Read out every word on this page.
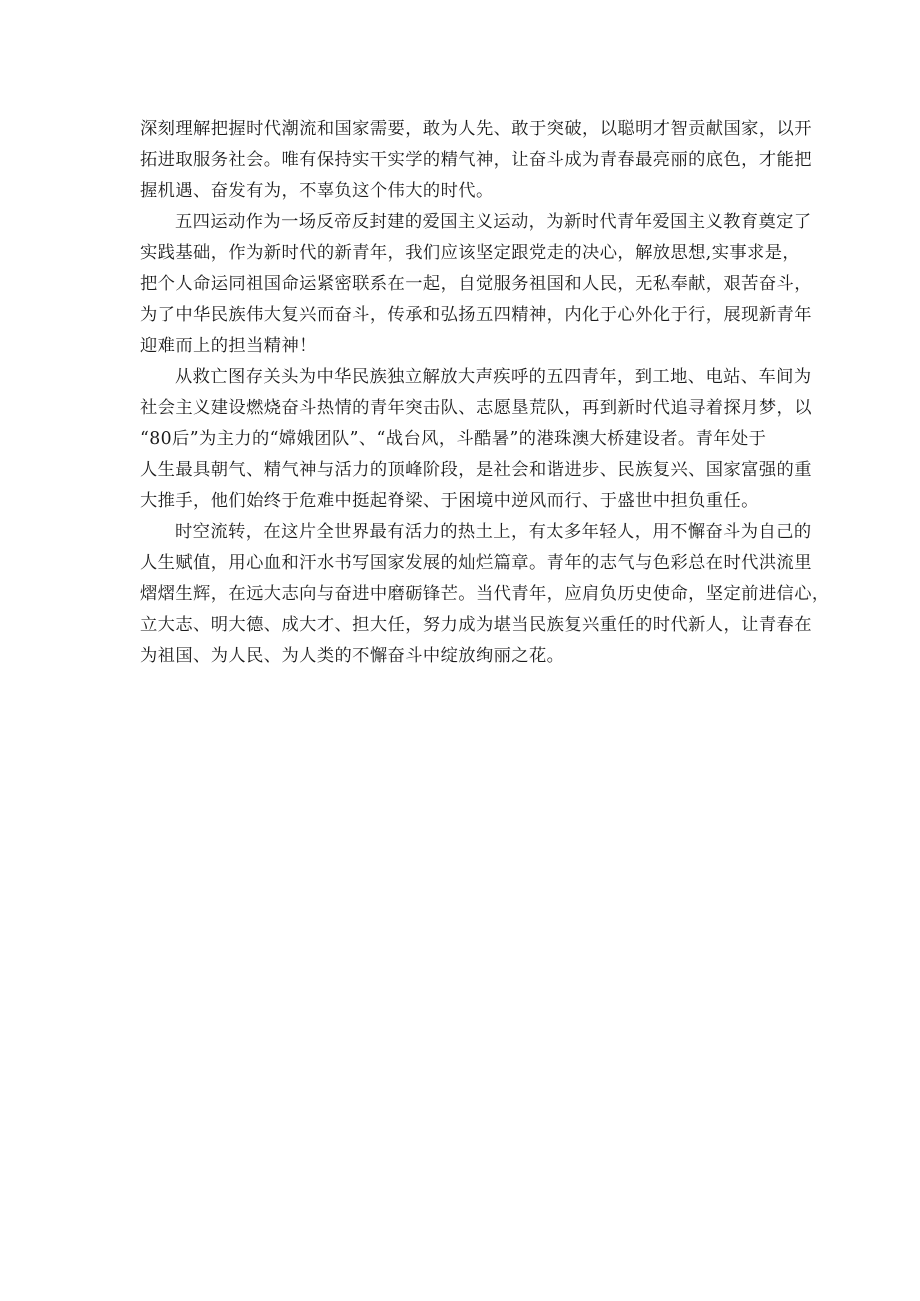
深刻理解把握时代潮流和国家需要，敢为人先、敢于突破，以聪明才智贡献国家，以开
拓进取服务社会。唯有保持实干实学的精气神，让奋斗成为青春最亮丽的底色，才能把
握机遇、奋发有为，不辜负这个伟大的时代。

五四运动作为一场反帝反封建的爱国主义运动，为新时代青年爱国主义教育奠定了
实践基础，作为新时代的新青年，我们应该坚定跟党走的决心，解放思想,实事求是，
把个人命运同祖国命运紧密联系在一起，自觉服务祖国和人民，无私奉献，艰苦奋斗，
为了中华民族伟大复兴而奋斗，传承和弘扬五四精神，内化于心外化于行，展现新青年
迎难而上的担当精神！

从救亡图存关头为中华民族独立解放大声疾呼的五四青年，到工地、电站、车间为
社会主义建设燃烧奋斗热情的青年突击队、志愿垦荒队，再到新时代追寻着探月梦，以
“80后”为主力的“嫦娥团队”、“战台风，斗酷暑”的港珠澳大桥建设者。青年处于
人生最具朝气、精气神与活力的顶峰阶段，是社会和谐进步、民族复兴、国家富强的重
大推手，他们始终于危难中挺起脊梁、于困境中逆风而行、于盛世中担负重任。

时空流转，在这片全世界最有活力的热土上，有太多年轻人，用不懈奋斗为自己的
人生赋值，用心血和汗水书写国家发展的灿烂篇章。青年的志气与色彩总在时代洪流里
熠熠生辉，在远大志向与奋进中磨砺锋芒。当代青年，应肩负历史使命，坚定前进信心，
立大志、明大德、成大才、担大任，努力成为堪当民族复兴重任的时代新人，让青春在
为祖国、为人民、为人类的不懈奋斗中绽放绚丽之花。
